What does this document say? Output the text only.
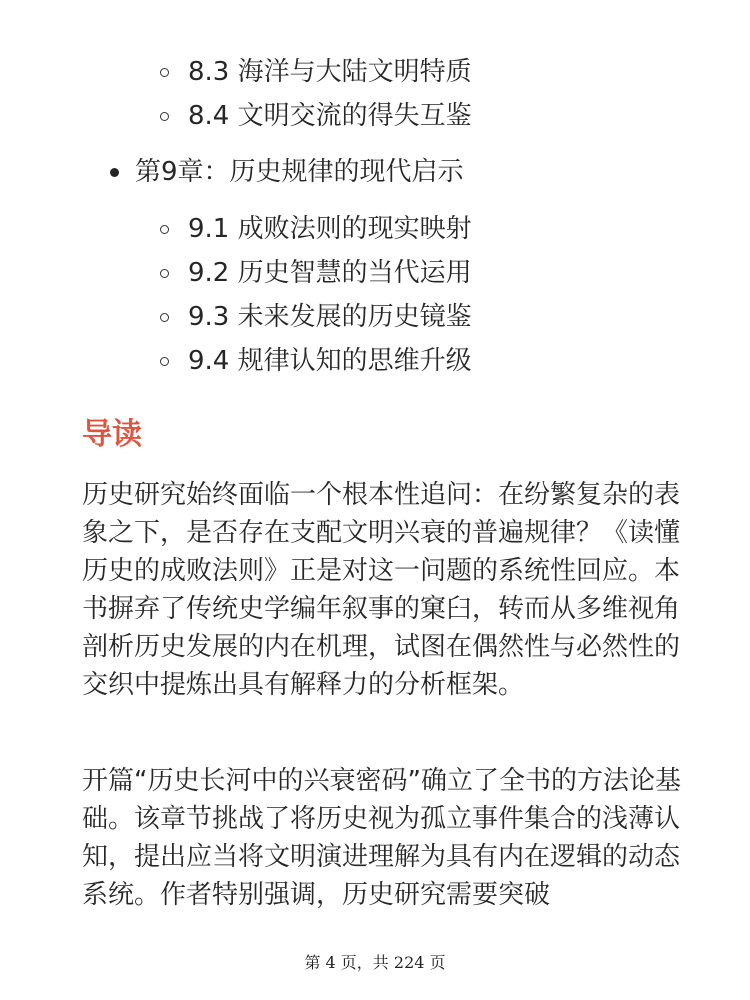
8.3 海洋与大陆文明特质
8.4 文明交流的得失互鉴
第9章：历史规律的现代启示
9.1 成败法则的现实映射
9.2 历史智慧的当代运用
9.3 未来发展的历史镜鉴
9.4 规律认知的思维升级
导读

历史研究始终面临一个根本性追问：在纷繁复杂的表象之下，是否存在支配文明兴衰的普遍规律？《读懂历史的成败法则》正是对这一问题的系统性回应。本书摒弃了传统史学编年叙事的窠臼，转而从多维视角剖析历史发展的内在机理，试图在偶然性与必然性的交织中提炼出具有解释力的分析框架。

开篇“历史长河中的兴衰密码”确立了全书的方法论基础。该章节挑战了将历史视为孤立事件集合的浅薄认知，提出应当将文明演进理解为具有内在逻辑的动态系统。作者特别强调，历史研究需要突破

第 4 页，共 224 页
